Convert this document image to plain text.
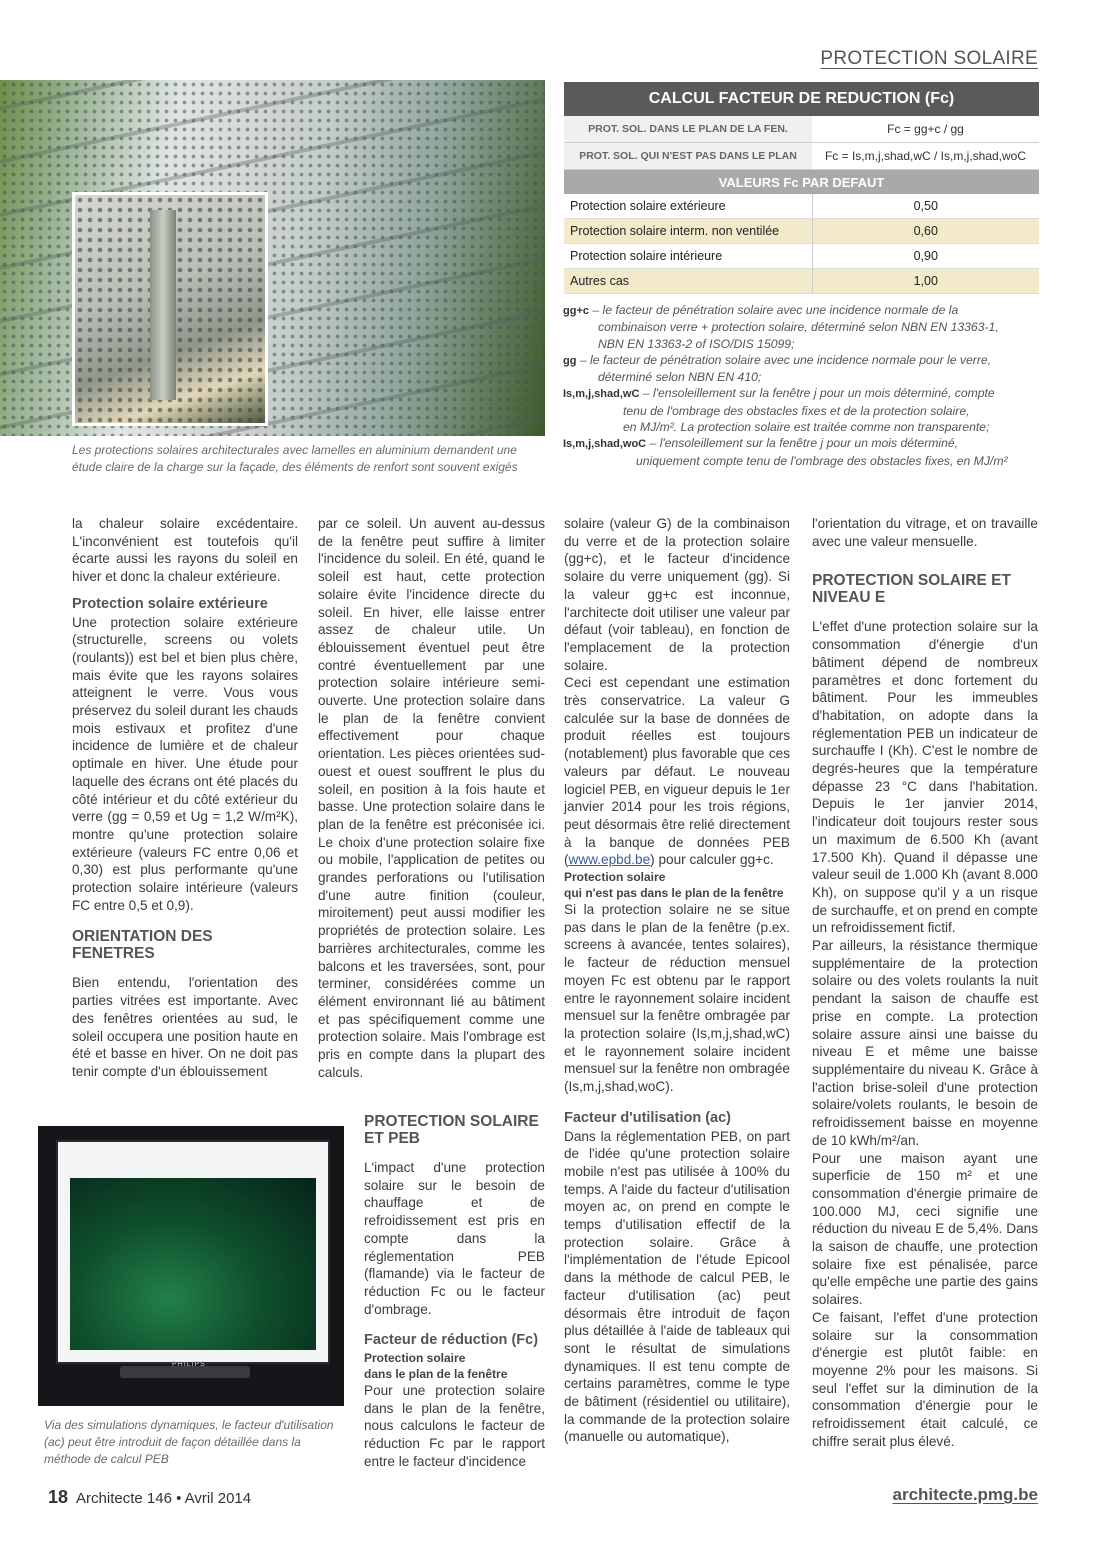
PROTECTION SOLAIRE
Les protections solaires architecturales avec lamelles en aluminium demandent une étude claire de la charge sur la façade, des éléments de renfort sont souvent exigés
CALCUL FACTEUR DE REDUCTION (Fc)	
PROT. SOL. DANS LE PLAN DE LA FEN.	Fc = gg+c / gg
PROT. SOL. QUI N'EST PAS DANS LE PLAN	Fc = Is,m,j,shad,wC / Is,m,j,shad,woC
VALEURS Fc PAR DEFAUT	
Protection solaire extérieure	0,50
Protection solaire interm. non ventilée	0,60
Protection solaire intérieure	0,90
Autres cas	1,00

gg+c – le facteur de pénétration solaire avec une incidence normale de la

combinaison verre + protection solaire, déterminé selon NBN EN 13363-1,

NBN EN 13363-2 of ISO/DIS 15099;

gg – le facteur de pénétration solaire avec une incidence normale pour le verre,

déterminé selon NBN EN 410;

Is,m,j,shad,wC – l'ensoleillement sur la fenêtre j pour un mois déterminé, compte

tenu de l'ombrage des obstacles fixes et de la protection solaire,

en MJ/m². La protection solaire est traitée comme non transparente;

Is,m,j,shad,woC – l'ensoleillement sur la fenêtre j pour un mois déterminé,

uniquement compte tenu de l'ombrage des obstacles fixes, en MJ/m²

la chaleur solaire excédentaire. L'inconvénient est toutefois qu'il écarte aussi les rayons du soleil en hiver et donc la chaleur extérieure.

Protection solaire extérieure

Une protection solaire extérieure (structurelle, screens ou volets (roulants)) est bel et bien plus chère, mais évite que les rayons solaires atteignent le verre. Vous vous préservez du soleil durant les chauds mois estivaux et profitez d'une incidence de lumière et de chaleur optimale en hiver. Une étude pour laquelle des écrans ont été placés du côté intérieur et du côté extérieur du verre (gg = 0,59 et Ug = 1,2 W/m²K), montre qu'une protection solaire extérieure (valeurs FC entre 0,06 et 0,30) est plus performante qu'une protection solaire intérieure (valeurs FC entre 0,5 et 0,9).

ORIENTATION DES FENETRES

Bien entendu, l'orientation des parties vitrées est importante. Avec des fenêtres orientées au sud, le soleil occupera une position haute en été et basse en hiver. On ne doit pas tenir compte d'un éblouissement

par ce soleil. Un auvent au-dessus de la fenêtre peut suffire à limiter l'incidence du soleil. En été, quand le soleil est haut, cette protection solaire évite l'incidence directe du soleil. En hiver, elle laisse entrer assez de chaleur utile. Un éblouissement éventuel peut être contré éventuellement par une protection solaire intérieure semi-ouverte. Une protection solaire dans le plan de la fenêtre convient effectivement pour chaque orientation. Les pièces orientées sud-ouest et ouest souffrent le plus du soleil, en position à la fois haute et basse. Une protection solaire dans le plan de la fenêtre est préconisée ici. Le choix d'une protection solaire fixe ou mobile, l'application de petites ou grandes perforations ou l'utilisation d'une autre finition (couleur, miroitement) peut aussi modifier les propriétés de protection solaire. Les barrières architecturales, comme les balcons et les traversées, sont, pour terminer, considérées comme un élément environnant lié au bâtiment et pas spécifiquement comme une protection solaire. Mais l'ombrage est pris en compte dans la plupart des calculs.

PROTECTION SOLAIRE ET PEB

L'impact d'une protection solaire sur le besoin de chauffage et de refroidissement est pris en compte dans la réglementation PEB (flamande) via le facteur de réduction Fc ou le facteur d'ombrage.

Facteur de réduction (Fc)
Protection solaire
dans le plan de la fenêtre

Pour une protection solaire dans le plan de la fenêtre, nous calculons le facteur de réduction Fc par le rapport entre le facteur d'incidence

PHILIPS
Via des simulations dynamiques, le facteur d'utilisation (ac) peut être introduit de façon détaillée dans la méthode de calcul PEB

solaire (valeur G) de la combinaison du verre et de la protection solaire (gg+c), et le facteur d'incidence solaire du verre uniquement (gg). Si la valeur gg+c est inconnue, l'architecte doit utiliser une valeur par défaut (voir tableau), en fonction de l'emplacement de la protection solaire.

Ceci est cependant une estimation très conservatrice. La valeur G calculée sur la base de données de produit réelles est toujours (notablement) plus favorable que ces valeurs par défaut. Le nouveau logiciel PEB, en vigueur depuis le 1er janvier 2014 pour les trois régions, peut désormais être relié directement à la banque de données PEB (www.epbd.be) pour calculer gg+c.

Protection solaire
qui n'est pas dans le plan de la fenêtre

Si la protection solaire ne se situe pas dans le plan de la fenêtre (p.ex. screens à avancée, tentes solaires), le facteur de réduction mensuel moyen Fc est obtenu par le rapport entre le rayonnement solaire incident mensuel sur la fenêtre ombragée par la protection solaire (Is,m,j,shad,wC) et le rayonnement solaire incident mensuel sur la fenêtre non ombragée (Is,m,j,shad,woC).

Facteur d'utilisation (ac)

Dans la réglementation PEB, on part de l'idée qu'une protection solaire mobile n'est pas utilisée à 100% du temps. A l'aide du facteur d'utilisation moyen ac, on prend en compte le temps d'utilisation effectif de la protection solaire. Grâce à l'implémentation de l'étude Epicool dans la méthode de calcul PEB, le facteur d'utilisation (ac) peut désormais être introduit de façon plus détaillée à l'aide de tableaux qui sont le résultat de simulations dynamiques. Il est tenu compte de certains paramètres, comme le type de bâtiment (résidentiel ou utilitaire), la commande de la protection solaire (manuelle ou automatique),

l'orientation du vitrage, et on travaille avec une valeur mensuelle.

PROTECTION SOLAIRE ET NIVEAU E

L'effet d'une protection solaire sur la consommation d'énergie d'un bâtiment dépend de nombreux paramètres et donc fortement du bâtiment. Pour les immeubles d'habitation, on adopte dans la réglementation PEB un indicateur de surchauffe I (Kh). C'est le nombre de degrés-heures que la température dépasse 23 °C dans l'habitation. Depuis le 1er janvier 2014, l'indicateur doit toujours rester sous un maximum de 6.500 Kh (avant 17.500 Kh). Quand il dépasse une valeur seuil de 1.000 Kh (avant 8.000 Kh), on suppose qu'il y a un risque de surchauffe, et on prend en compte un refroidissement fictif.

Par ailleurs, la résistance thermique supplémentaire de la protection solaire ou des volets roulants la nuit pendant la saison de chauffe est prise en compte. La protection solaire assure ainsi une baisse du niveau E et même une baisse supplémentaire du niveau K. Grâce à l'action brise-soleil d'une protection solaire/volets roulants, le besoin de refroidissement baisse en moyenne de 10 kWh/m²/an.

Pour une maison ayant une superficie de 150 m² et une consommation d'énergie primaire de 100.000 MJ, ceci signifie une réduction du niveau E de 5,4%. Dans la saison de chauffe, une protection solaire fixe est pénalisée, parce qu'elle empêche une partie des gains solaires.

Ce faisant, l'effet d'une protection solaire sur la consommation d'énergie est plutôt faible: en moyenne 2% pour les maisons. Si seul l'effet sur la diminution de la consommation d'énergie pour le refroidissement était calculé, ce chiffre serait plus élevé.

18 Architecte 146 • Avril 2014	architecte.pmg.be
